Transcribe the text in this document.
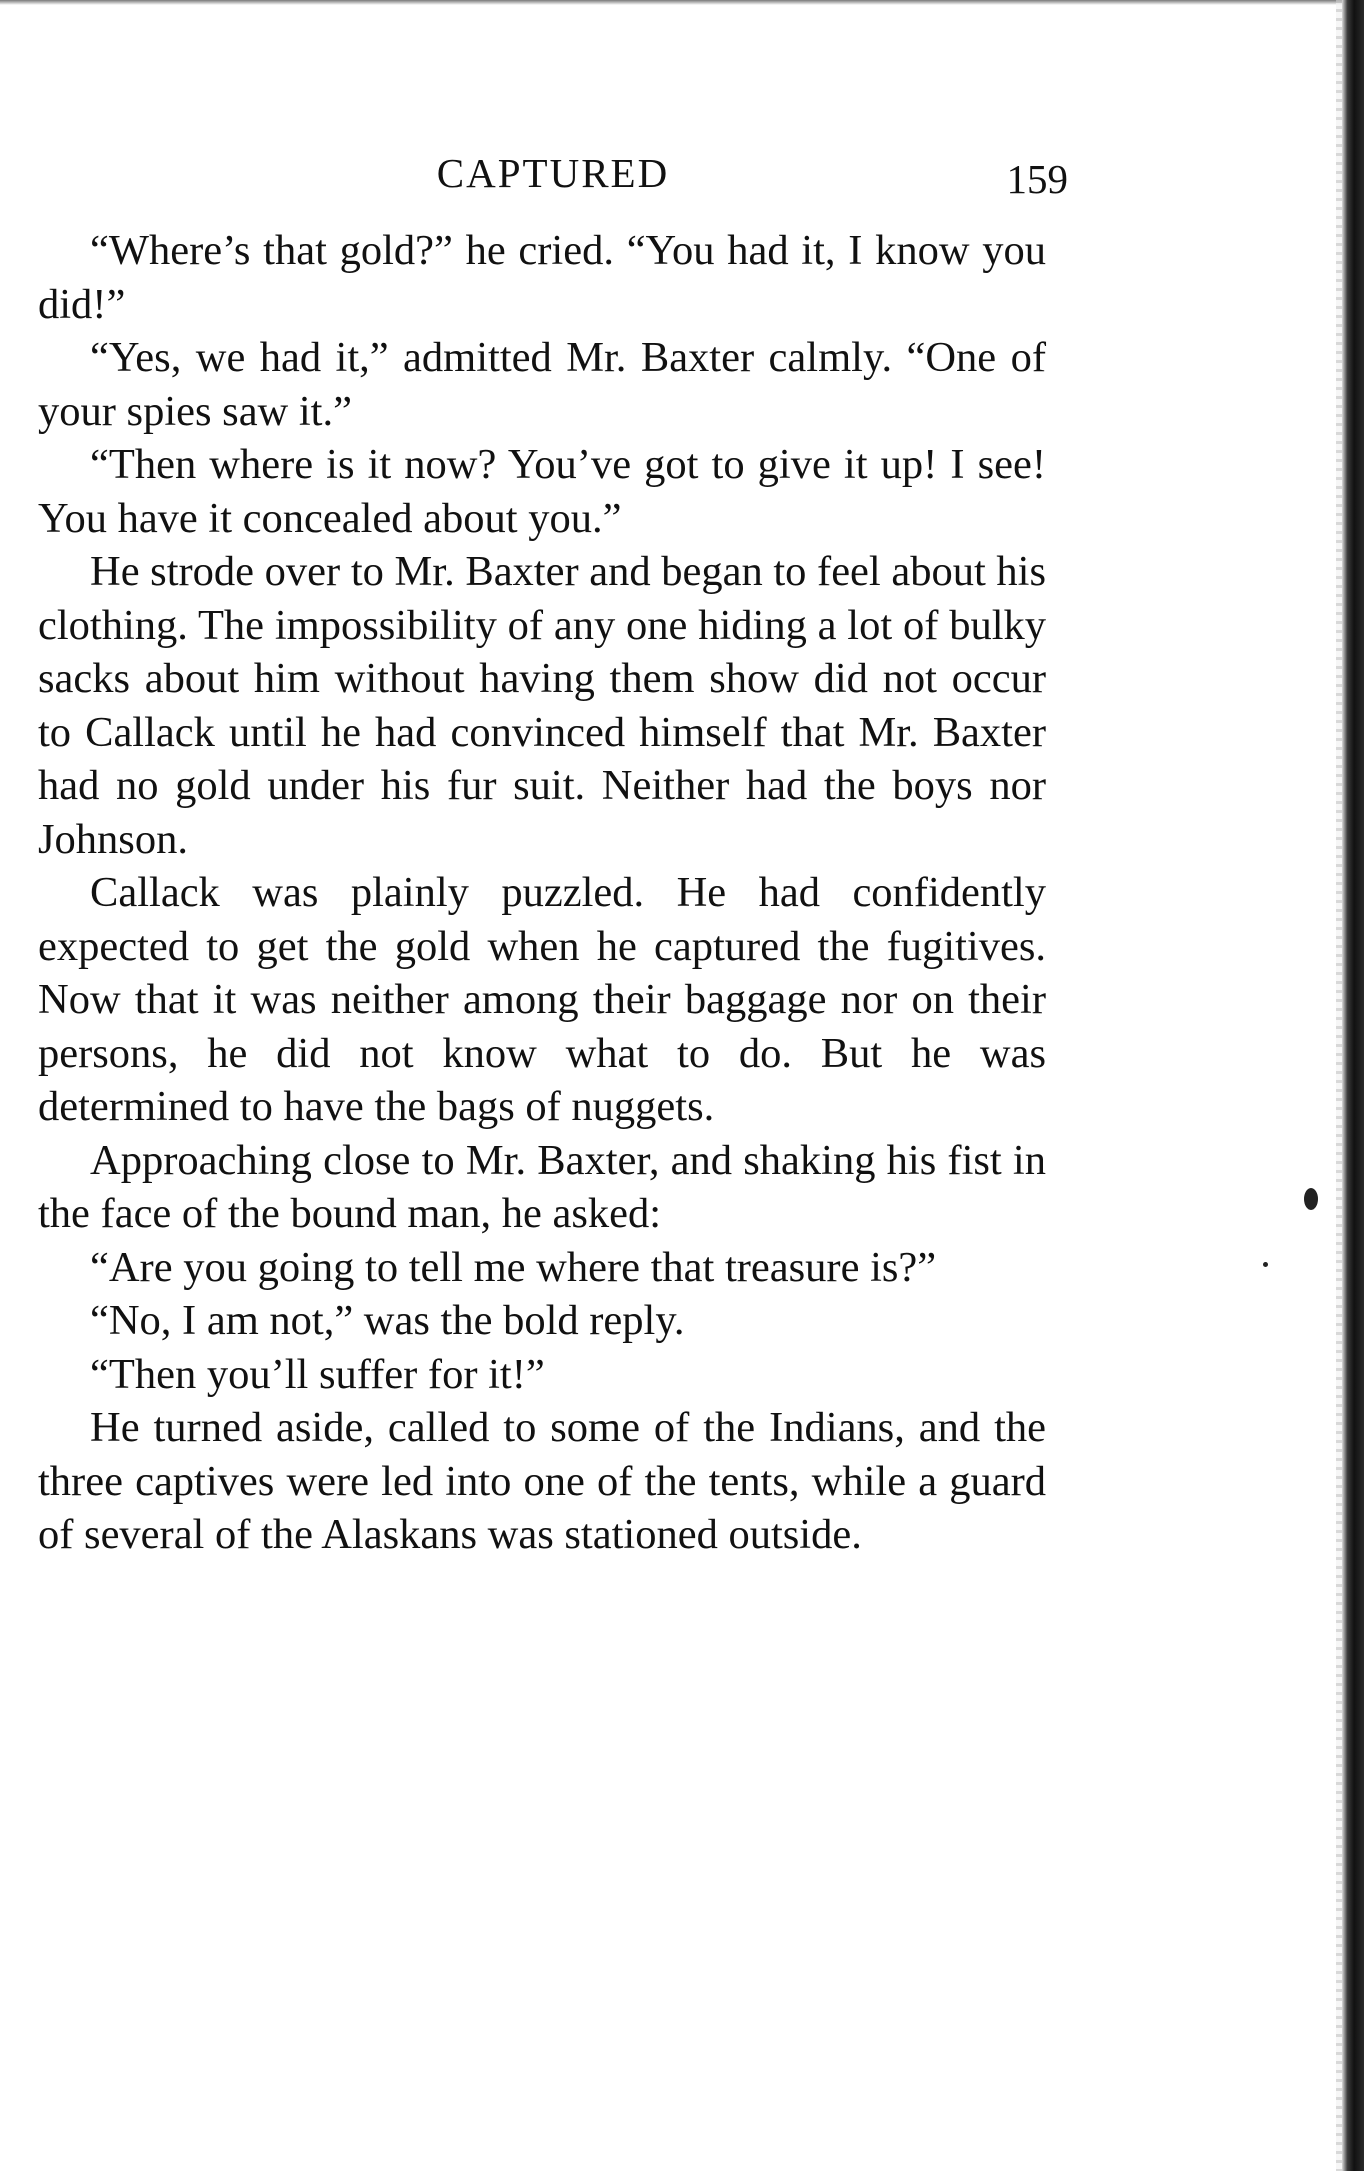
CAPTURED	159

“Where’s that gold?” he cried. “You had it, I know you did!”

“Yes, we had it,” admitted Mr. Baxter calmly. “One of your spies saw it.”

“Then where is it now? You’ve got to give it up! I see! You have it concealed about you.”

He strode over to Mr. Baxter and began to feel about his clothing. The impossibility of any one hiding a lot of bulky sacks about him without having them show did not occur to Callack until he had convinced himself that Mr. Baxter had no gold under his fur suit. Neither had the boys nor Johnson.

Callack was plainly puzzled. He had confidently expected to get the gold when he captured the fugitives. Now that it was neither among their baggage nor on their persons, he did not know what to do. But he was determined to have the bags of nuggets.

Approaching close to Mr. Baxter, and shaking his fist in the face of the bound man, he asked:

“Are you going to tell me where that treasure is?”

“No, I am not,” was the bold reply.

“Then you’ll suffer for it!”

He turned aside, called to some of the Indians, and the three captives were led into one of the tents, while a guard of several of the Alaskans was stationed outside.
